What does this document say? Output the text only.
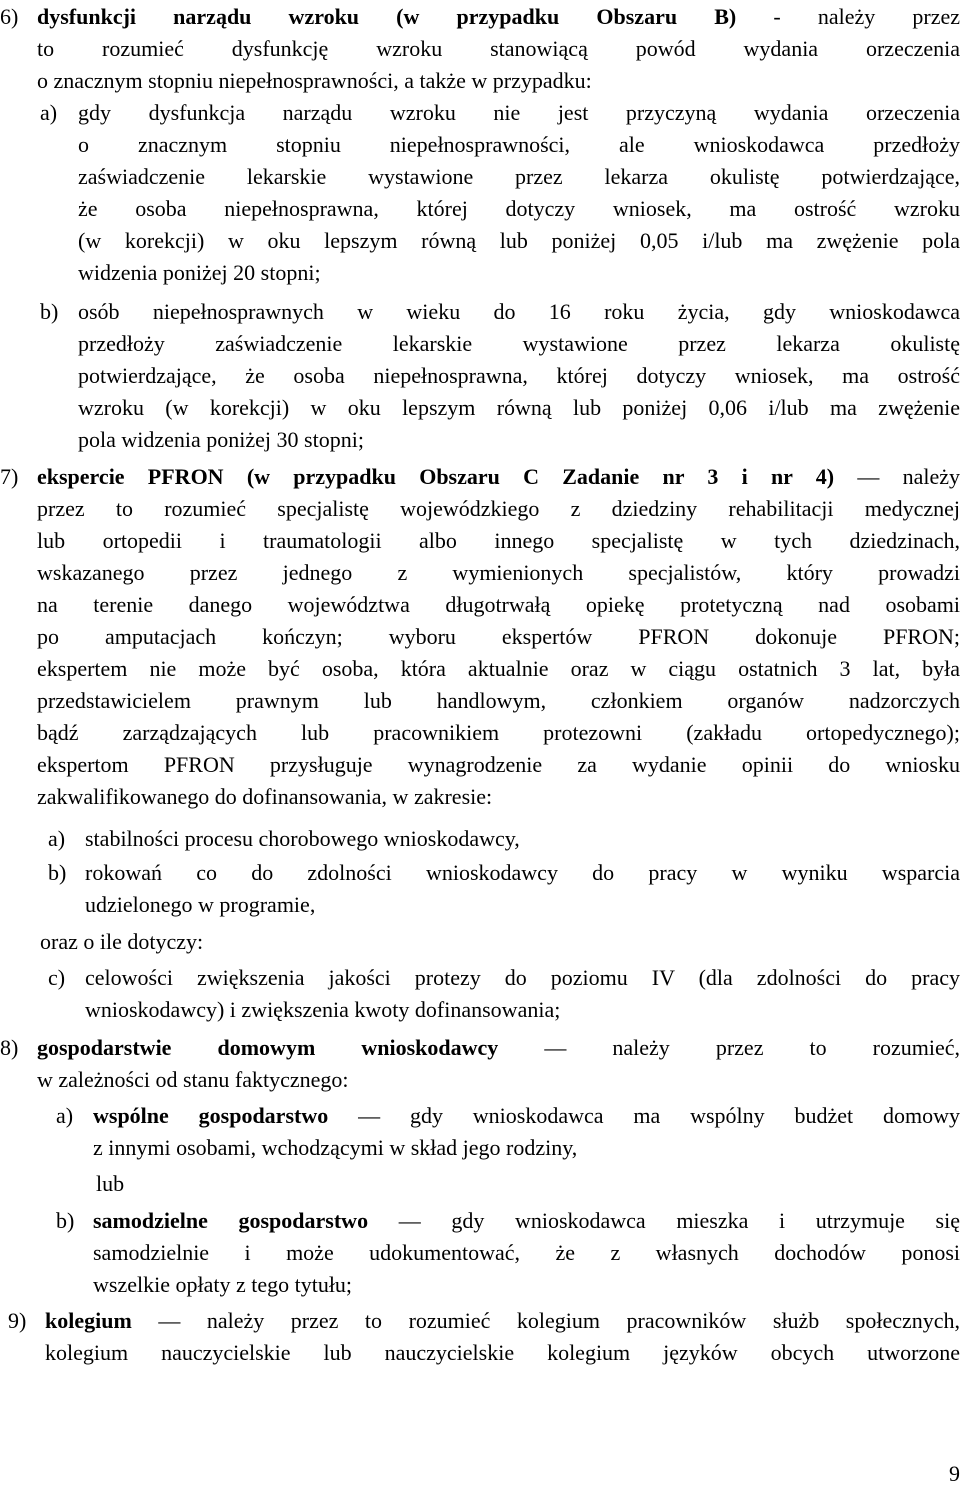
6) dysfunkcji narządu wzroku (w przypadku Obszaru B) - należy przez
to rozumieć dysfunkcję wzroku stanowiącą powód wydania orzeczenia
o znacznym stopniu niepełnosprawności, a także w przypadku:
a) gdy dysfunkcja narządu wzroku nie jest przyczyną wydania orzeczenia
o znacznym stopniu niepełnosprawności, ale wnioskodawca przedłoży
zaświadczenie lekarskie wystawione przez lekarza okulistę potwierdzające,
że osoba niepełnosprawna, której dotyczy wniosek, ma ostrość wzroku
(w korekcji) w oku lepszym równą lub poniżej 0,05 i/lub ma zwężenie pola
widzenia poniżej 20 stopni;
b) osób niepełnosprawnych w wieku do 16 roku życia, gdy wnioskodawca
przedłoży zaświadczenie lekarskie wystawione przez lekarza okulistę
potwierdzające, że osoba niepełnosprawna, której dotyczy wniosek, ma ostrość
wzroku (w korekcji) w oku lepszym równą lub poniżej 0,06 i/lub ma zwężenie
pola widzenia poniżej 30 stopni;
7) ekspercie PFRON (w przypadku Obszaru C Zadanie nr 3 i nr 4) — należy
przez to rozumieć specjalistę wojewódzkiego z dziedziny rehabilitacji medycznej
lub ortopedii i traumatologii albo innego specjalistę w tych dziedzinach,
wskazanego przez jednego z wymienionych specjalistów, który prowadzi
na terenie danego województwa długotrwałą opiekę protetyczną nad osobami
po amputacjach kończyn; wyboru ekspertów PFRON dokonuje PFRON;
ekspertem nie może być osoba, która aktualnie oraz w ciągu ostatnich 3 lat, była
przedstawicielem prawnym lub handlowym, członkiem organów nadzorczych
bądź zarządzających lub pracownikiem protezowni (zakładu ortopedycznego);
ekspertom PFRON przysługuje wynagrodzenie za wydanie opinii do wniosku
zakwalifikowanego do dofinansowania, w zakresie:
a) stabilności procesu chorobowego wnioskodawcy,
b) rokowań co do zdolności wnioskodawcy do pracy w wyniku wsparcia
udzielonego w programie,
oraz o ile dotyczy:
c) celowości zwiększenia jakości protezy do poziomu IV (dla zdolności do pracy
wnioskodawcy) i zwiększenia kwoty dofinansowania;
8) gospodarstwie domowym wnioskodawcy — należy przez to rozumieć,
w zależności od stanu faktycznego:
a) wspólne gospodarstwo — gdy wnioskodawca ma wspólny budżet domowy
z innymi osobami, wchodzącymi w skład jego rodziny,
lub
b) samodzielne gospodarstwo — gdy wnioskodawca mieszka i utrzymuje się
samodzielnie i może udokumentować, że z własnych dochodów ponosi
wszelkie opłaty z tego tytułu;
9) kolegium — należy przez to rozumieć kolegium pracowników służb społecznych,
kolegium nauczycielskie lub nauczycielskie kolegium języków obcych utworzone
9
